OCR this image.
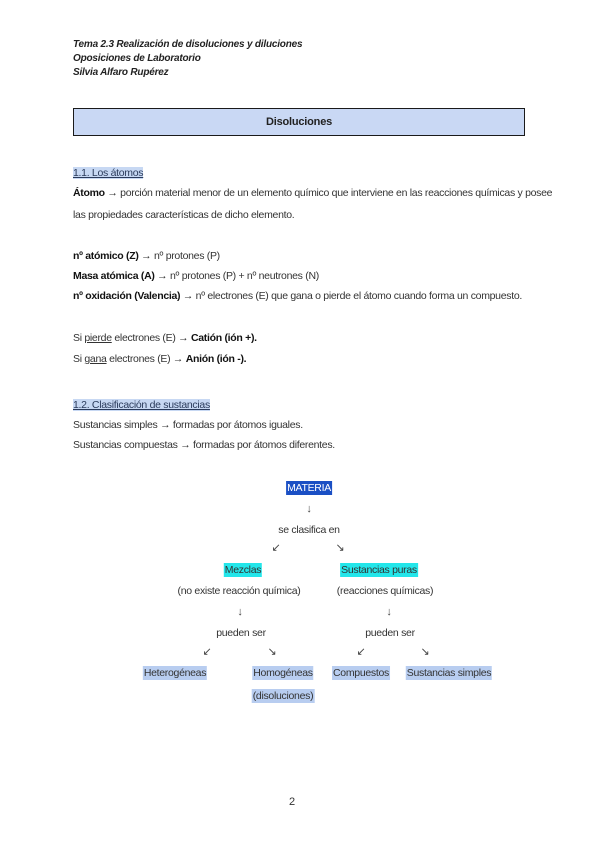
Tema 2.3 Realización de disoluciones y diluciones
Oposiciones de Laboratorio
Silvia Alfaro Rupérez
Disoluciones
1.1. Los átomos
Átomo → porción material menor de un elemento químico que interviene en las reacciones químicas y posee
las propiedades características de dicho elemento.
nº atómico (Z) → nº protones (P)
Masa atómica (A) → nº protones (P) + nº neutrones (N)
nº oxidación (Valencia) → nº electrones (E) que gana o pierde el átomo cuando forma un compuesto.
Si pierde electrones (E) → Catión (ión +).
Si gana electrones (E) → Anión (ión -).
1.2. Clasificación de sustancias
Sustancias simples → formadas por átomos iguales.
Sustancias compuestas → formadas por átomos diferentes.
MATERIA
↓
se clasifica en
↙	↘
Mezclas	Sustancias puras
(no existe reacción química)	(reacciones químicas)
↓	↓
pueden ser	pueden ser
↙	↘	↙	↘
Heterogéneas	Homogéneas
(disoluciones)
Compuestos Sustancias simples
2
